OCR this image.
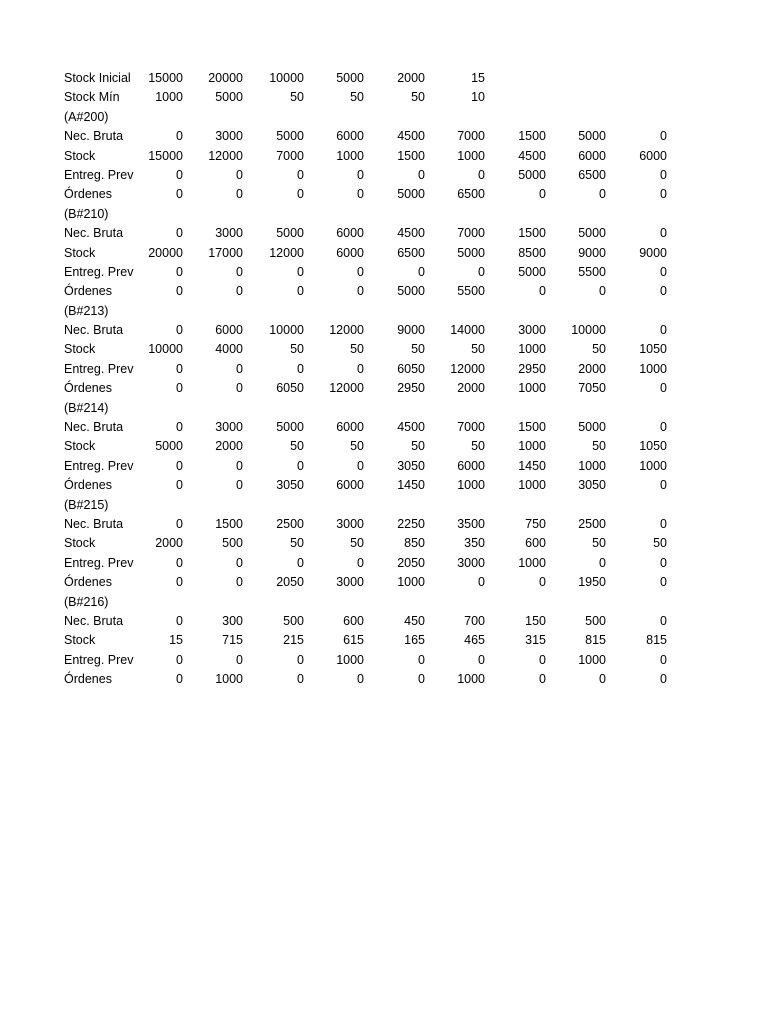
Stock Inicial	15000	20000	10000	5000	2000	15
Stock Mín	1000	5000	50	50	50	10
(A#200)
Nec. Bruta	0	3000	5000	6000	4500	7000	1500	5000	0
Stock	15000	12000	7000	1000	1500	1000	4500	6000	6000
Entreg. Prev	0	0	0	0	0	0	5000	6500	0
Órdenes	0	0	0	0	5000	6500	0	0	0
(B#210)
Nec. Bruta	0	3000	5000	6000	4500	7000	1500	5000	0
Stock	20000	17000	12000	6000	6500	5000	8500	9000	9000
Entreg. Prev	0	0	0	0	0	0	5000	5500	0
Órdenes	0	0	0	0	5000	5500	0	0	0
(B#213)
Nec. Bruta	0	6000	10000	12000	9000	14000	3000	10000	0
Stock	10000	4000	50	50	50	50	1000	50	1050
Entreg. Prev	0	0	0	0	6050	12000	2950	2000	1000
Órdenes	0	0	6050	12000	2950	2000	1000	7050	0
(B#214)
Nec. Bruta	0	3000	5000	6000	4500	7000	1500	5000	0
Stock	5000	2000	50	50	50	50	1000	50	1050
Entreg. Prev	0	0	0	0	3050	6000	1450	1000	1000
Órdenes	0	0	3050	6000	1450	1000	1000	3050	0
(B#215)
Nec. Bruta	0	1500	2500	3000	2250	3500	750	2500	0
Stock	2000	500	50	50	850	350	600	50	50
Entreg. Prev	0	0	0	0	2050	3000	1000	0	0
Órdenes	0	0	2050	3000	1000	0	0	1950	0
(B#216)
Nec. Bruta	0	300	500	600	450	700	150	500	0
Stock	15	715	215	615	165	465	315	815	815
Entreg. Prev	0	0	0	1000	0	0	0	1000	0
Órdenes	0	1000	0	0	0	1000	0	0	0
